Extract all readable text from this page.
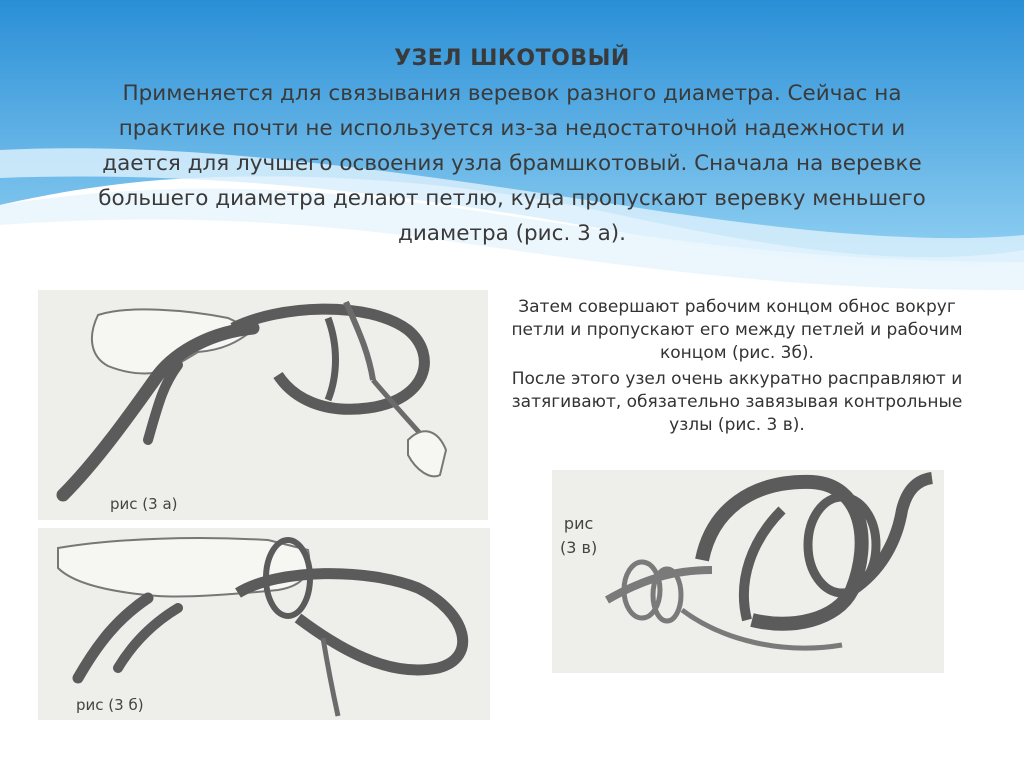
УЗЕЛ ШКОТОВЫЙ
Применяется для связывания веревок разного диаметра. Сейчас на
практике почти не используется из-за недостаточной надежности и
дается для лучшего освоения узла брамшкотовый. Сначала на веревке
большего диаметра делают петлю, куда пропускают веревку меньшего
диаметра (рис. 3 а).
рис (3 а)
рис (3 б)

Затем совершают рабочим концом обнос вокруг петли и пропускают его между петлей и рабочим концом (рис. 3б).

После этого узел очень аккуратно расправляют и затягивают, обязательно завязывая контрольные узлы (рис. 3 в).

рис
(3 в)
